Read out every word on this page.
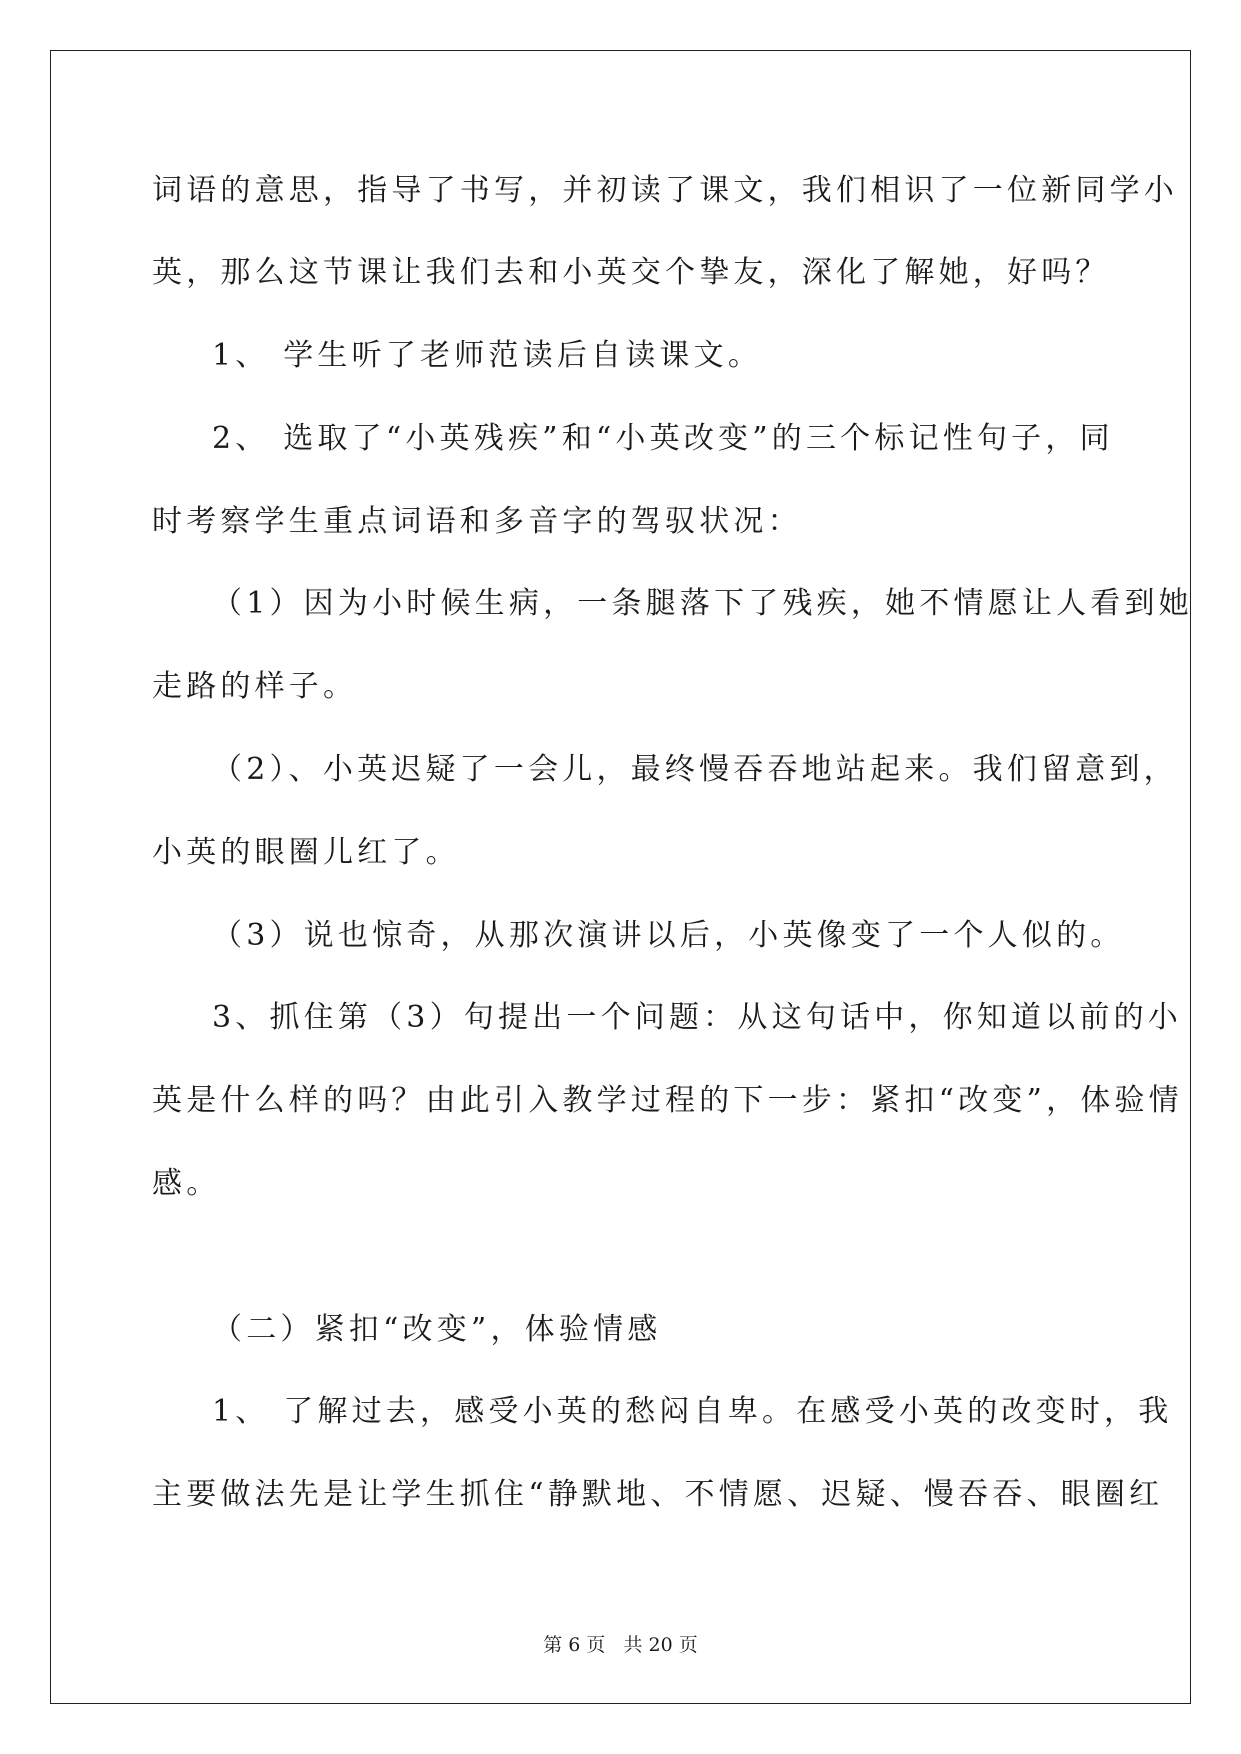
词语的意思，指导了书写，并初读了课文，我们相识了一位新同学小
英，那么这节课让我们去和小英交个挚友，深化了解她，好吗？
1、 学生听了老师范读后自读课文。
2、 选取了“小英残疾”和“小英改变”的三个标记性句子，同
时考察学生重点词语和多音字的驾驭状况：
（1）因为小时候生病，一条腿落下了残疾，她不情愿让人看到她
走路的样子。
（2）、小英迟疑了一会儿，最终慢吞吞地站起来。我们留意到，
小英的眼圈儿红了。
（3）说也惊奇，从那次演讲以后，小英像变了一个人似的。
3、抓住第（3）句提出一个问题：从这句话中，你知道以前的小
英是什么样的吗？由此引入教学过程的下一步：紧扣“改变”，体验情
感。
（二）紧扣“改变”，体验情感
1、 了解过去，感受小英的愁闷自卑。在感受小英的改变时，我
主要做法先是让学生抓住“静默地、不情愿、迟疑、慢吞吞、眼圈红
第 6 页   共 20 页
